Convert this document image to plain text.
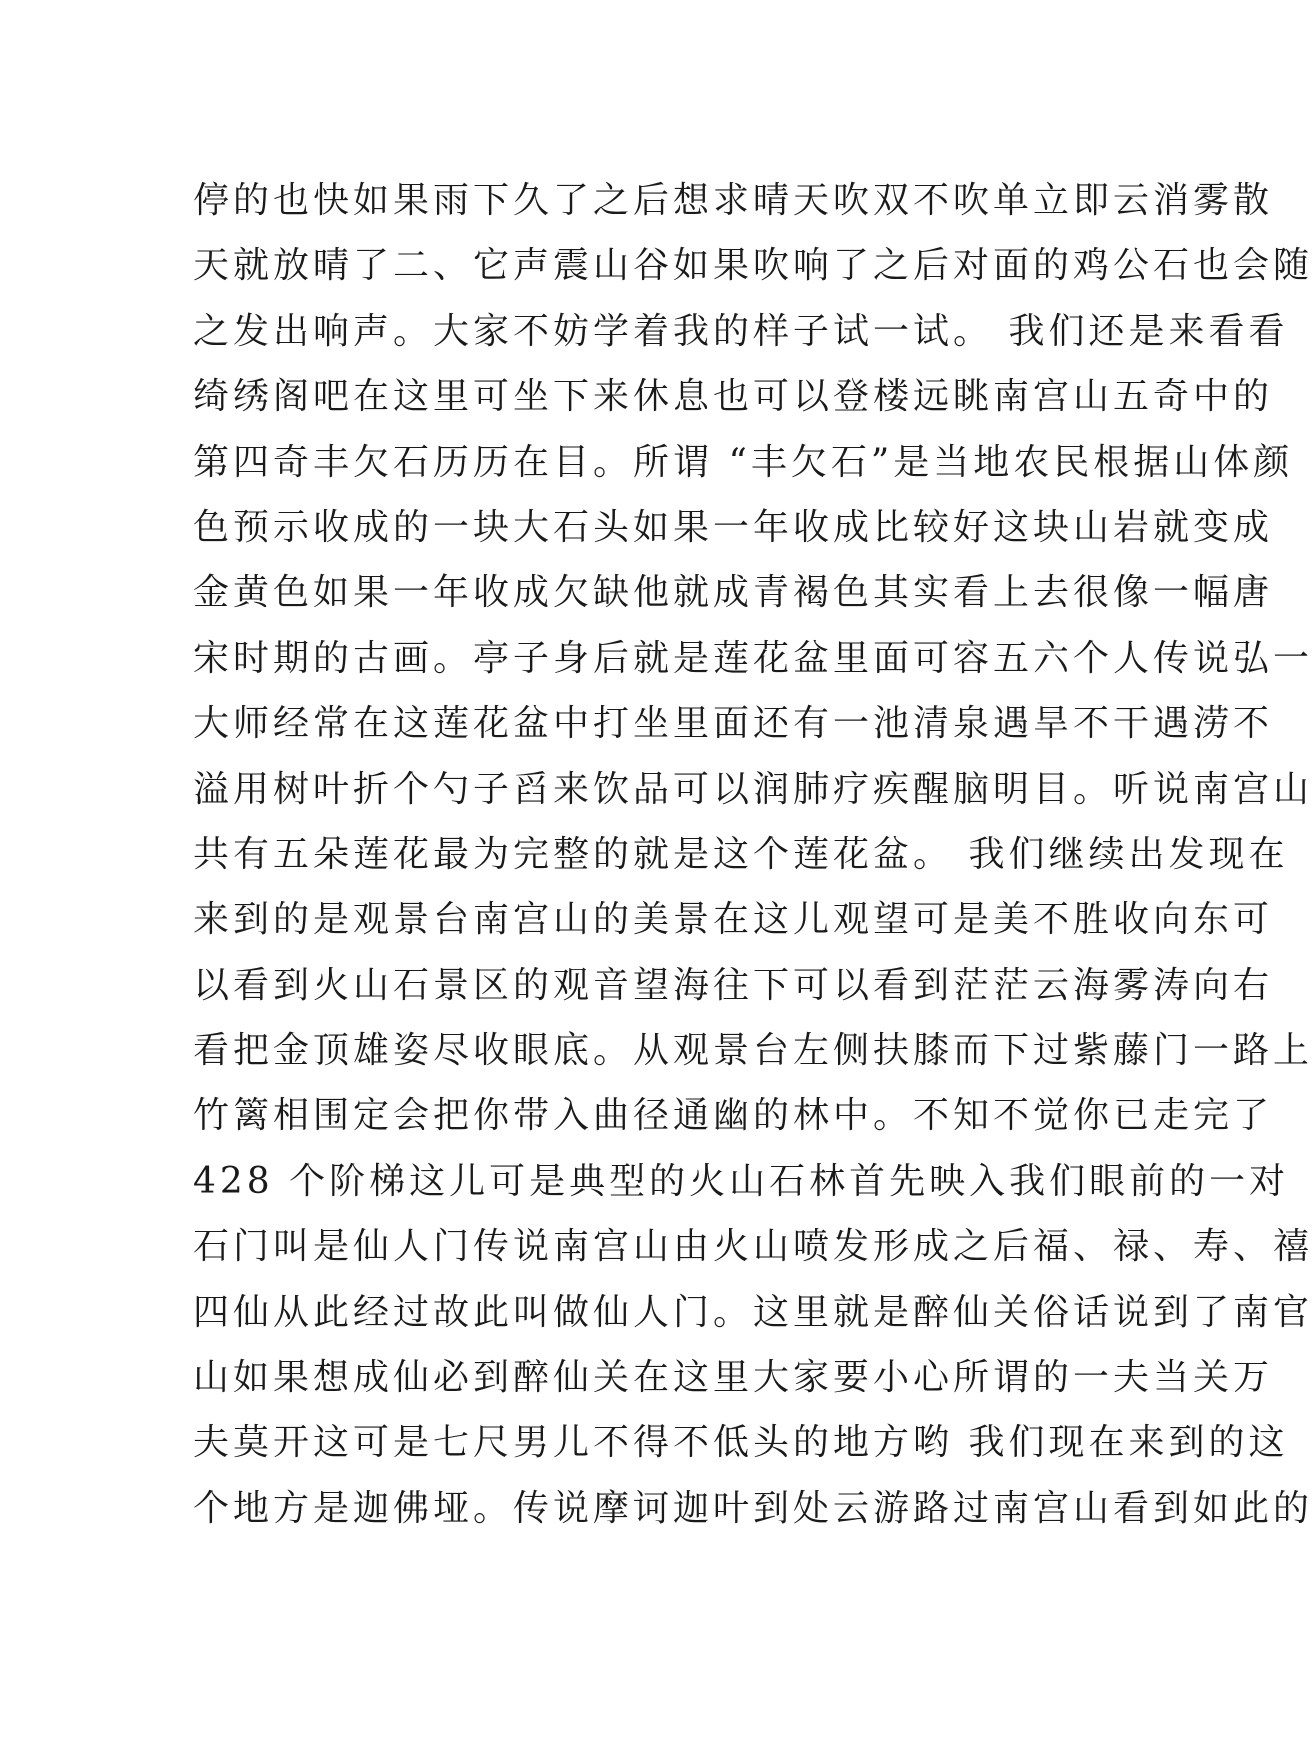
停的也快如果雨下久了之后想求晴天吹双不吹单立即云消雾散
天就放晴了二、它声震山谷如果吹响了之后对面的鸡公石也会随
之发出响声。大家不妨学着我的样子试一试。 我们还是来看看
绮绣阁吧在这里可坐下来休息也可以登楼远眺南宫山五奇中的
第四奇丰欠石历历在目。所谓 “丰欠石”是当地农民根据山体颜
色预示收成的一块大石头如果一年收成比较好这块山岩就变成
金黄色如果一年收成欠缺他就成青褐色其实看上去很像一幅唐
宋时期的古画。亭子身后就是莲花盆里面可容五六个人传说弘一
大师经常在这莲花盆中打坐里面还有一池清泉遇旱不干遇涝不
溢用树叶折个勺子舀来饮品可以润肺疗疾醒脑明目。听说南宫山
共有五朵莲花最为完整的就是这个莲花盆。 我们继续出发现在
来到的是观景台南宫山的美景在这儿观望可是美不胜收向东可
以看到火山石景区的观音望海往下可以看到茫茫云海雾涛向右
看把金顶雄姿尽收眼底。从观景台左侧扶膝而下过紫藤门一路上
竹篱相围定会把你带入曲径通幽的林中。不知不觉你已走完了
428 个阶梯这儿可是典型的火山石林首先映入我们眼前的一对
石门叫是仙人门传说南宫山由火山喷发形成之后福、禄、寿、禧
四仙从此经过故此叫做仙人门。这里就是醉仙关俗话说到了南官
山如果想成仙必到醉仙关在这里大家要小心所谓的一夫当关万
夫莫开这可是七尺男儿不得不低头的地方哟 我们现在来到的这
个地方是迦佛垭。传说摩诃迦叶到处云游路过南宫山看到如此的
